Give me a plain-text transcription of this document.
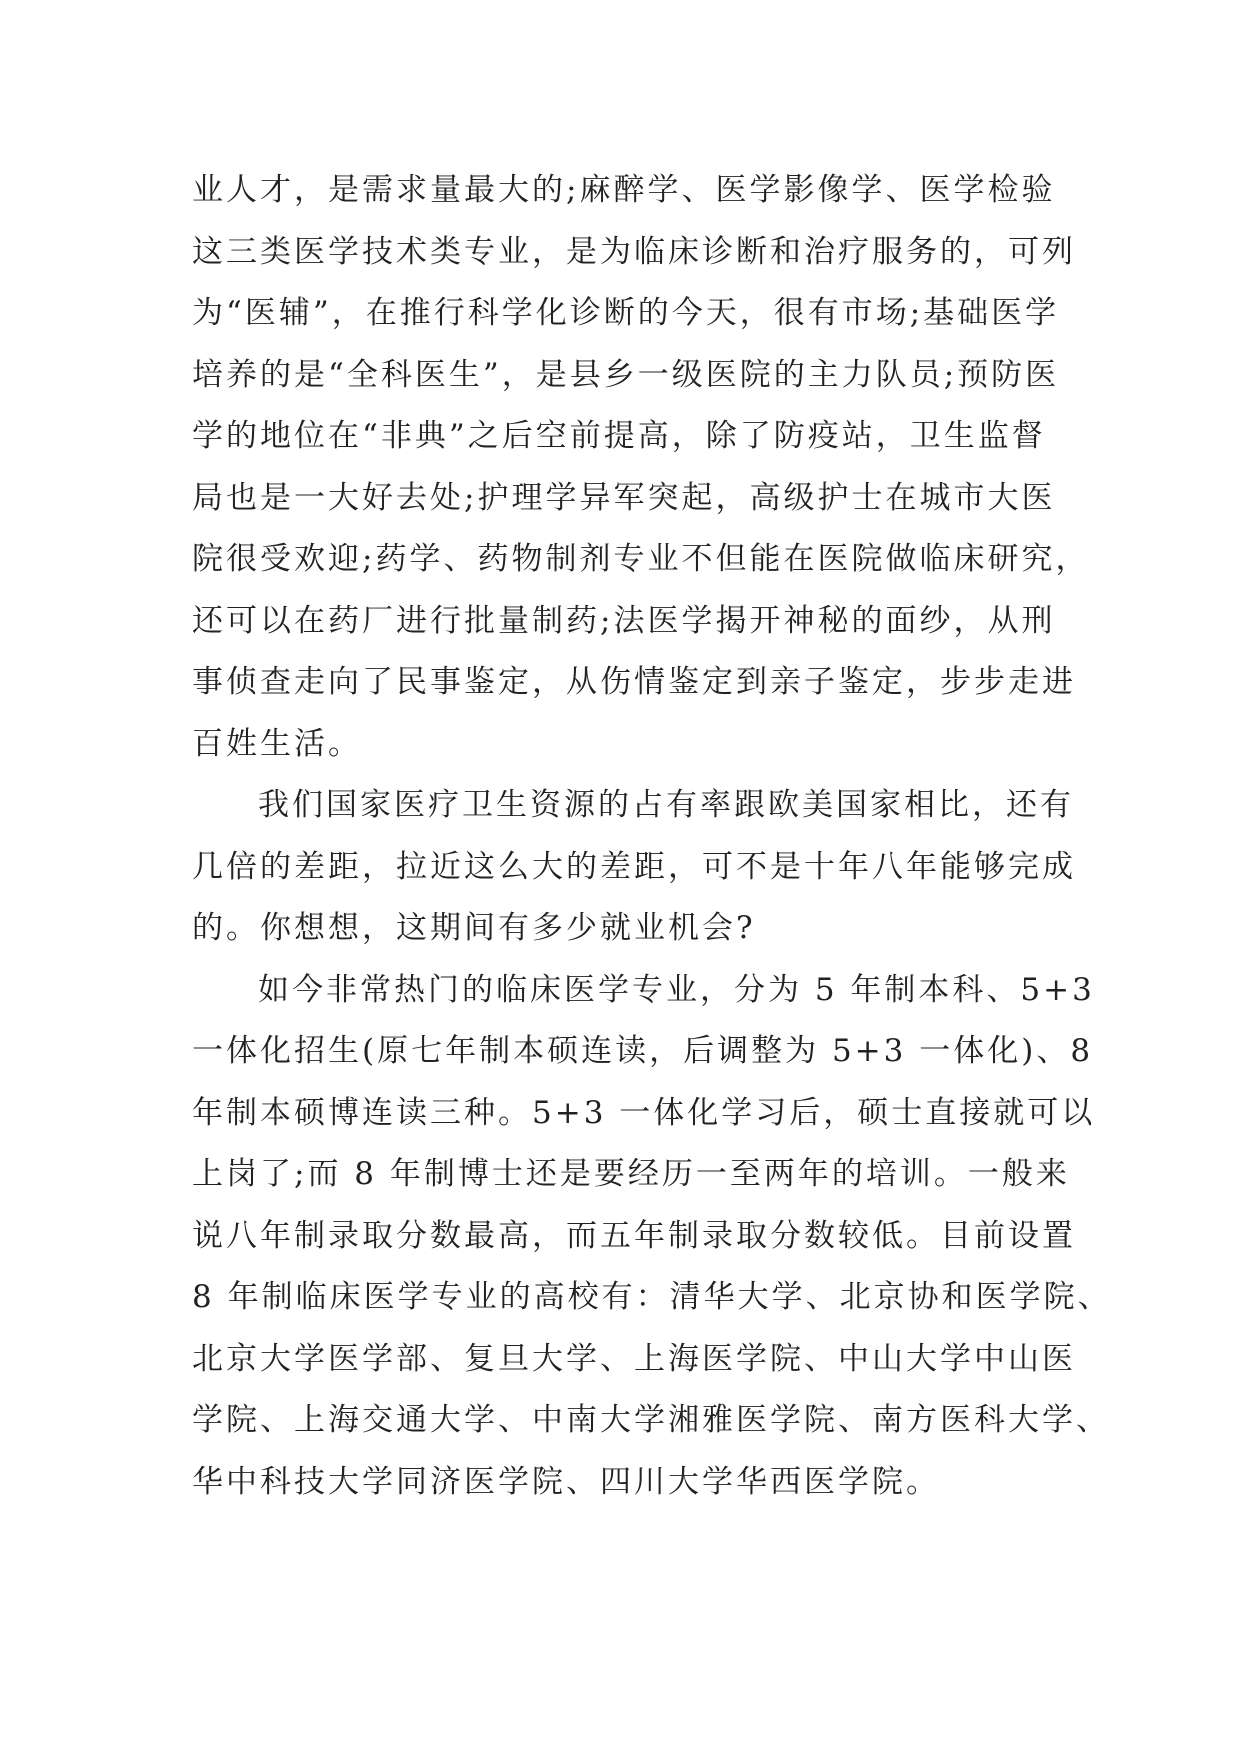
业人才，是需求量最大的;麻醉学、医学影像学、医学检验
这三类医学技术类专业，是为临床诊断和治疗服务的，可列
为“医辅”，在推行科学化诊断的今天，很有市场;基础医学
培养的是“全科医生”，是县乡一级医院的主力队员;预防医
学的地位在“非典”之后空前提高，除了防疫站，卫生监督
局也是一大好去处;护理学异军突起，高级护士在城市大医
院很受欢迎;药学、药物制剂专业不但能在医院做临床研究，
还可以在药厂进行批量制药;法医学揭开神秘的面纱，从刑
事侦查走向了民事鉴定，从伤情鉴定到亲子鉴定，步步走进
百姓生活。
我们国家医疗卫生资源的占有率跟欧美国家相比，还有
几倍的差距，拉近这么大的差距，可不是十年八年能够完成
的。你想想，这期间有多少就业机会?
如今非常热门的临床医学专业，分为 5 年制本科、5+3
一体化招生(原七年制本硕连读，后调整为 5+3 一体化)、8
年制本硕博连读三种。5+3 一体化学习后，硕士直接就可以
上岗了;而 8 年制博士还是要经历一至两年的培训。一般来
说八年制录取分数最高，而五年制录取分数较低。目前设置
8 年制临床医学专业的高校有：清华大学、北京协和医学院、
北京大学医学部、复旦大学、上海医学院、中山大学中山医
学院、上海交通大学、中南大学湘雅医学院、南方医科大学、
华中科技大学同济医学院、四川大学华西医学院。
